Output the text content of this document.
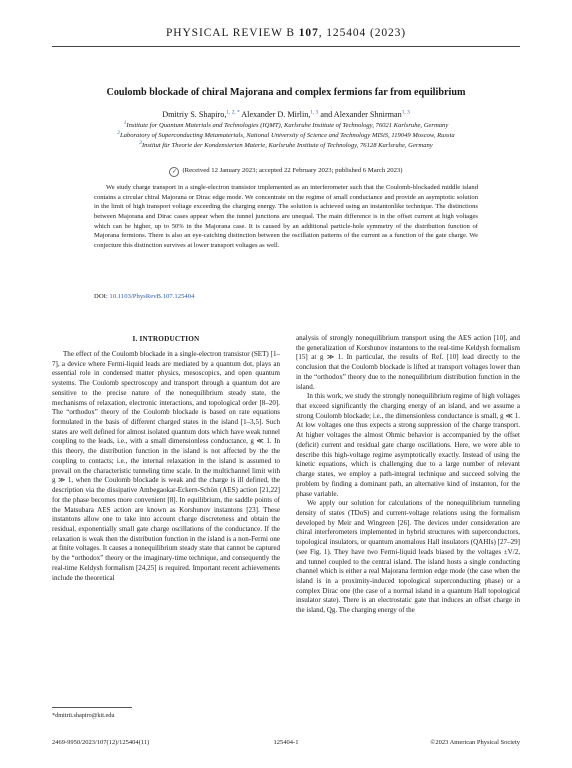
PHYSICAL REVIEW B 107, 125404 (2023)
Coulomb blockade of chiral Majorana and complex fermions far from equilibrium
Dmitriy S. Shapiro,$^{1, 2, *}$ Alexander D. Mirlin,$^{1, 3}$ and Alexander Shnirman$^{1, 3}$
$^1$Institute for Quantum Materials and Technologies (IQMT), Karlsruhe Institute of Technology, 76021 Karlsruhe, Germany
$^2$Laboratory of Superconducting Metamaterials, National University of Science and Technology MISiS, 119049 Moscow, Russia
$^3$Institut für Theorie der Kondensierten Materie, Karlsruhe Institute of Technology, 76128 Karlsruhe, Germany
✓ (Received 12 January 2023; accepted 22 February 2023; published 6 March 2023)
We study charge transport in a single-electron transistor implemented as an interferometer such that the Coulomb-blockaded middle island contains a circular chiral Majorana or Dirac edge mode. We concentrate on the regime of small conductance and provide an asymptotic solution in the limit of high transport voltage exceeding the charging energy. The solution is achieved using an instantonlike technique. The distinctions between Majorana and Dirac cases appear when the tunnel junctions are unequal. The main difference is in the offset current at high voltages which can be higher, up to 50% in the Majorana case. It is caused by an additional particle-hole symmetry of the distribution function of Majorana fermions. There is also an eye-catching distinction between the oscillation patterns of the current as a function of the gate charge. We conjecture this distinction survives at lower transport voltages as well.
DOI: 10.1103/PhysRevB.107.125404
I. INTRODUCTION

The effect of the Coulomb blockade in a single-electron transistor (SET) [1–7], a device where Fermi-liquid leads are mediated by a quantum dot, plays an essential role in condensed matter physics, mesoscopics, and open quantum systems. The Coulomb spectroscopy and transport through a quantum dot are sensitive to the precise nature of the nonequilibrium steady state, the mechanisms of relaxation, electronic interactions, and topological order [8–20]. The “orthodox” theory of the Coulomb blockade is based on rate equations formulated in the basis of different charged states in the island [1–3,5]. Such states are well defined for almost isolated quantum dots which have weak tunnel coupling to the leads, i.e., with a small dimensionless conductance, g ≪ 1. In this theory, the distribution function in the island is not affected by the the coupling to contacts; i.e., the internal relaxation in the island is assumed to prevail on the characteristic tunneling time scale. In the multichannel limit with g ≫ 1, when the Coulomb blockade is weak and the charge is ill defined, the description via the dissipative Ambegaokar-Eckern-Schön (AES) action [21,22] for the phase becomes more convenient [8]. In equilibrium, the saddle points of the Matsubara AES action are known as Korshunov instantons [23]. These instantons allow one to take into account charge discreteness and obtain the residual, exponentially small gate charge oscillations of the conductance. If the relaxation is weak then the distribution function in the island is a non-Fermi one at finite voltages. It causes a nonequilibrium steady state that cannot be captured by the “orthodox” theory or the imaginary-time technique, and consequently the real-time Keldysh formalism [24,25] is required. Important recent achievements include the theoretical

analysis of strongly nonequilibrium transport using the AES action [10], and the generalization of Korshunov instantons to the real-time Keldysh formalism [15] at g ≫ 1. In particular, the results of Ref. [10] lead directly to the conclusion that the Coulomb blockade is lifted at transport voltages lower than in the “orthodox” theory due to the nonequilibrium distribution function in the island.

In this work, we study the strongly nonequilibrium regime of high voltages that exceed significantly the charging energy of an island, and we assume a strong Coulomb blockade; i.e., the dimensionless conductance is small, g ≪ 1. At low voltages one thus expects a strong suppression of the charge transport. At higher voltages the almost Ohmic behavior is accompanied by the offset (deficit) current and residual gate charge oscillations. Here, we were able to describe this high-voltage regime asymptotically exactly. Instead of using the kinetic equations, which is challenging due to a large number of relevant charge states, we employ a path-integral technique and succeed solving the problem by finding a dominant path, an alternative kind of instanton, for the phase variable.

We apply our solution for calculations of the nonequilibrium tunneling density of states (TDoS) and current-voltage relations using the formalism developed by Meir and Wingreen [26]. The devices under consideration are chiral interferometers implemented in hybrid structures with superconductors, topological insulators, or quantum anomalous Hall insulators (QAHIs) [27–29] (see Fig. 1). They have two Fermi-liquid leads biased by the voltages ±V/2, and tunnel coupled to the central island. The island hosts a single conducting channel which is either a real Majorana fermion edge mode (the case when the island is in a proximity-induced topological superconducting phase) or a complex Dirac one (the case of a normal island in a quantum Hall topological insulator state). There is an electrostatic gate that induces an offset charge in the island, Qg. The charging energy of the

*dmitrii.shapiro@kit.edu
2469-9950/2023/107(12)/125404(11)	125404-1	©2023 American Physical Society
